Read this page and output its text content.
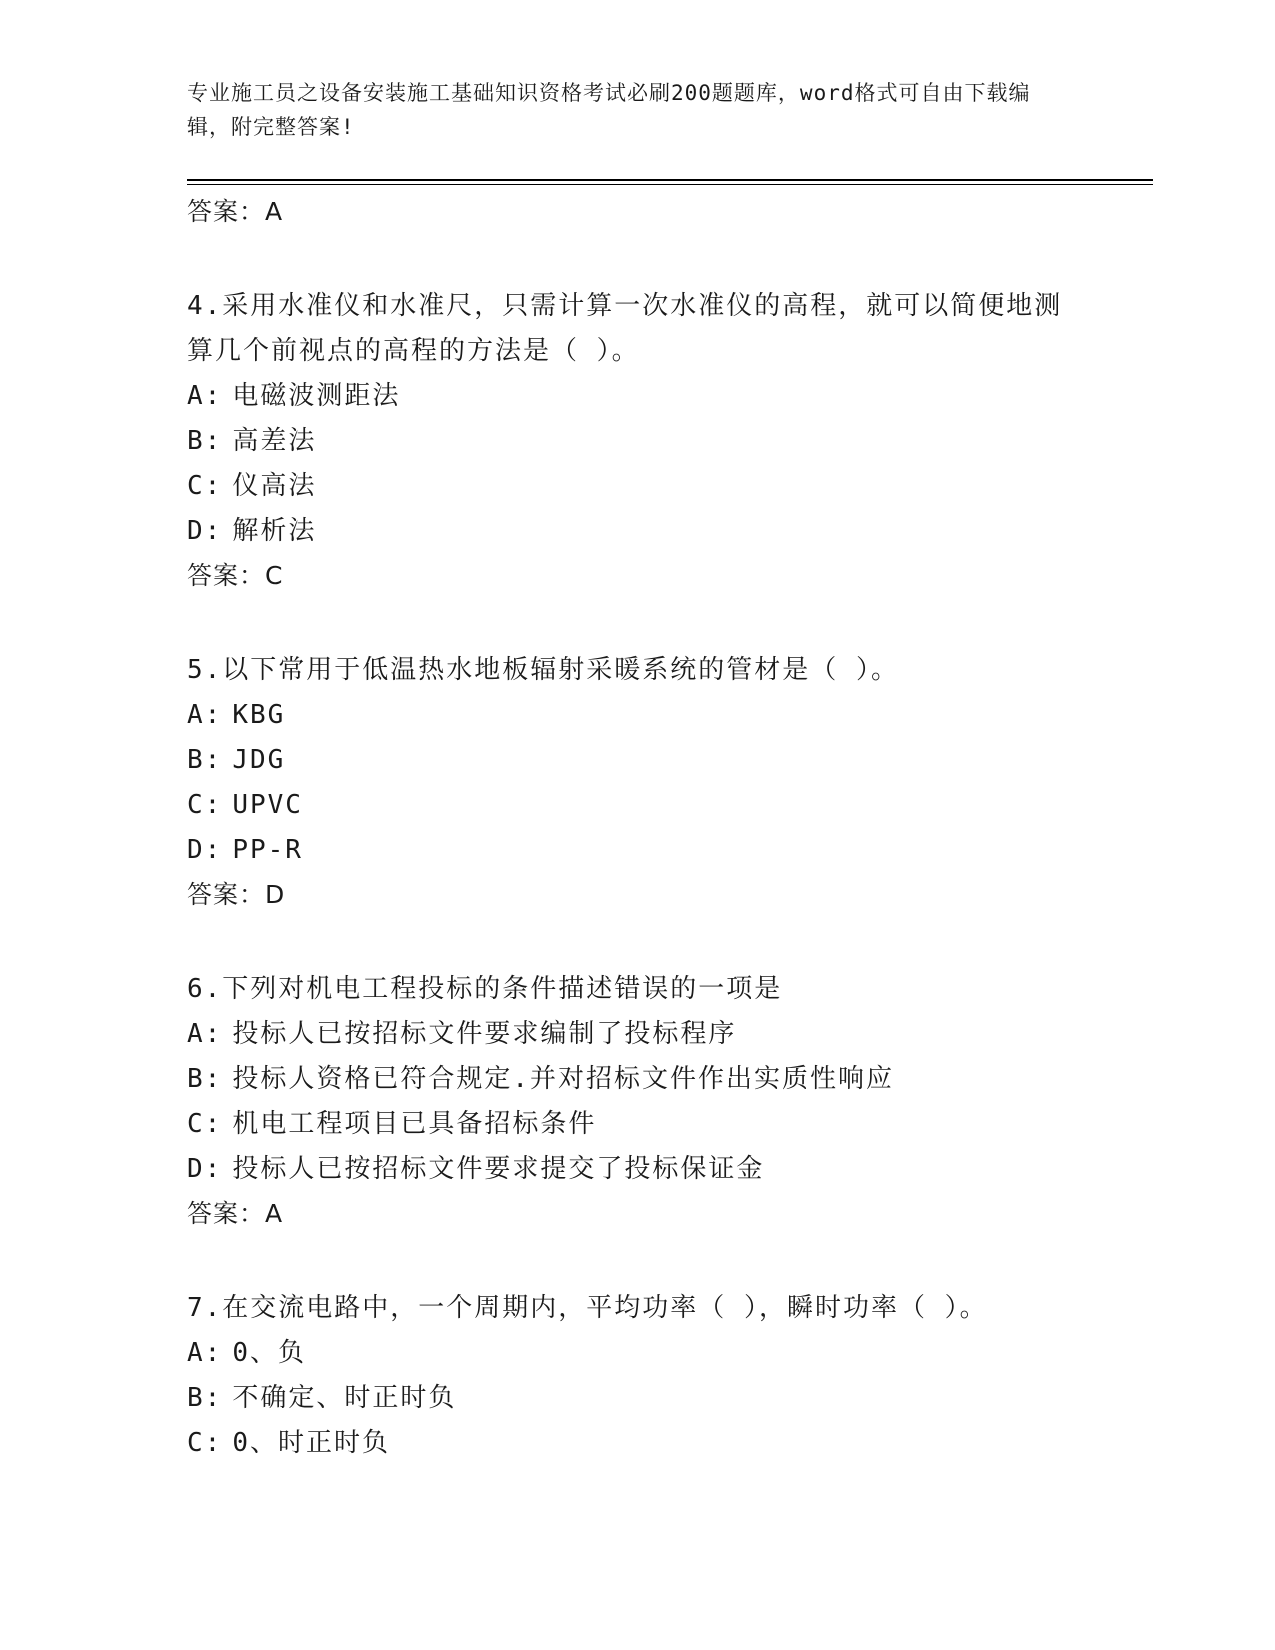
专业施工员之设备安装施工基础知识资格考试必刷200题题库，word格式可自由下载编辑，附完整答案!
答案：A
4.采用水准仪和水准尺，只需计算一次水准仪的高程，就可以简便地测算几个前视点的高程的方法是（ ）。
A: 电磁波测距法
B: 高差法
C: 仪高法
D: 解析法
答案：C
5.以下常用于低温热水地板辐射采暖系统的管材是（ ）。
A: KBG
B: JDG
C: UPVC
D: PP-R
答案：D
6.下列对机电工程投标的条件描述错误的一项是
A: 投标人已按招标文件要求编制了投标程序
B: 投标人资格已符合规定.并对招标文件作出实质性响应
C: 机电工程项目已具备招标条件
D: 投标人已按招标文件要求提交了投标保证金
答案：A
7.在交流电路中，一个周期内，平均功率（ ），瞬时功率（ ）。
A: 0、负
B: 不确定、时正时负
C: 0、时正时负
